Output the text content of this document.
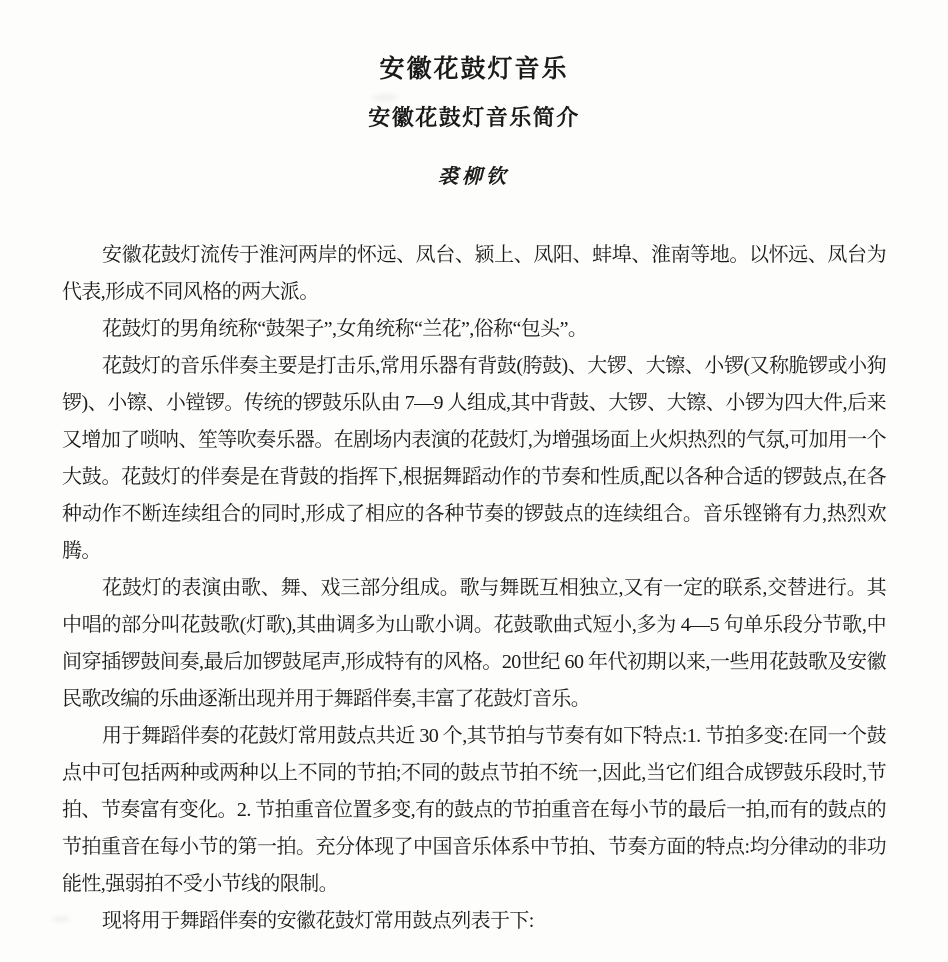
安徽花鼓灯音乐
安徽花鼓灯音乐简介
裘柳钦

安徽花鼓灯流传于淮河两岸的怀远、凤台、颍上、凤阳、蚌埠、淮南等地。以怀远、凤台为代表,形成不同风格的两大派。

花鼓灯的男角统称“鼓架子”,女角统称“兰花”,俗称“包头”。

花鼓灯的音乐伴奏主要是打击乐,常用乐器有背鼓(胯鼓)、大锣、大镲、小锣(又称脆锣或小狗锣)、小镲、小镗锣。传统的锣鼓乐队由 7—9 人组成,其中背鼓、大锣、大镲、小锣为四大件,后来又增加了唢呐、笙等吹奏乐器。在剧场内表演的花鼓灯,为增强场面上火炽热烈的气氛,可加用一个大鼓。花鼓灯的伴奏是在背鼓的指挥下,根据舞蹈动作的节奏和性质,配以各种合适的锣鼓点,在各种动作不断连续组合的同时,形成了相应的各种节奏的锣鼓点的连续组合。音乐铿锵有力,热烈欢腾。

花鼓灯的表演由歌、舞、戏三部分组成。歌与舞既互相独立,又有一定的联系,交替进行。其中唱的部分叫花鼓歌(灯歌),其曲调多为山歌小调。花鼓歌曲式短小,多为 4—5 句单乐段分节歌,中间穿插锣鼓间奏,最后加锣鼓尾声,形成特有的风格。20世纪 60 年代初期以来,一些用花鼓歌及安徽民歌改编的乐曲逐渐出现并用于舞蹈伴奏,丰富了花鼓灯音乐。

用于舞蹈伴奏的花鼓灯常用鼓点共近 30 个,其节拍与节奏有如下特点:1. 节拍多变:在同一个鼓点中可包括两种或两种以上不同的节拍;不同的鼓点节拍不统一,因此,当它们组合成锣鼓乐段时,节拍、节奏富有变化。2. 节拍重音位置多变,有的鼓点的节拍重音在每小节的最后一拍,而有的鼓点的节拍重音在每小节的第一拍。充分体现了中国音乐体系中节拍、节奏方面的特点:均分律动的非功能性,强弱拍不受小节线的限制。

现将用于舞蹈伴奏的安徽花鼓灯常用鼓点列表于下:
